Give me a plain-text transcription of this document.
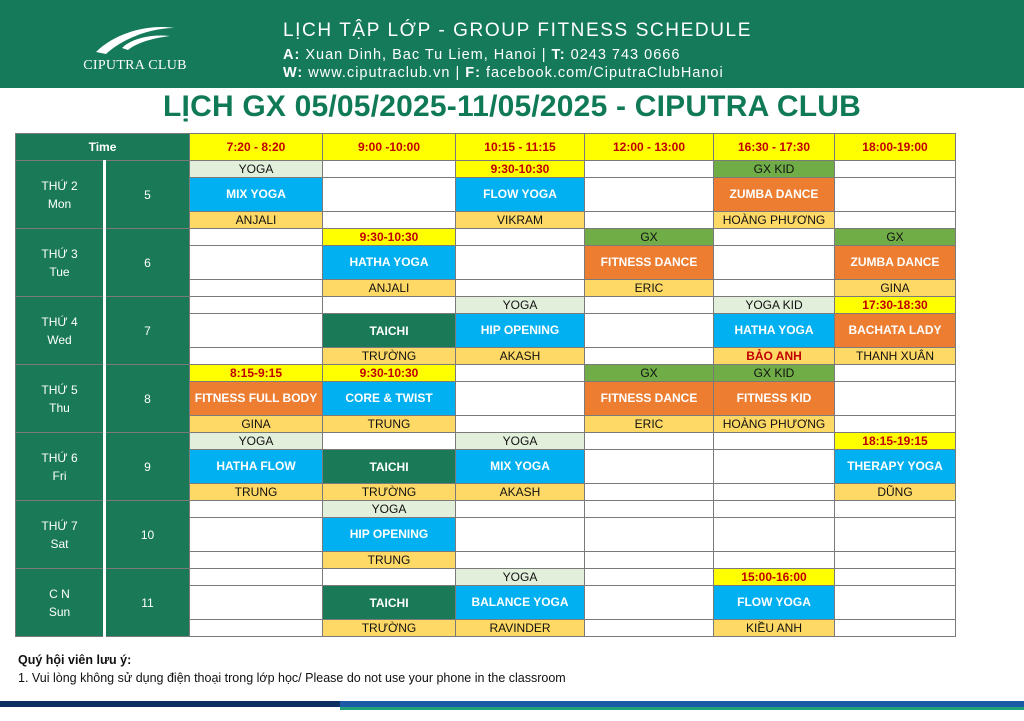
CIPUTRA CLUB
LỊCH TẬP LỚP - GROUP FITNESS SCHEDULE
A: Xuan Dinh, Bac Tu Liem, Hanoi | T: 0243 743 0666
W: www.ciputraclub.vn | F: facebook.com/CiputraClubHanoi
LỊCH GX 05/05/2025-11/05/2025 - CIPUTRA CLUB
Time		7:20 - 8:20	9:00 -10:00	10:15 - 11:15	12:00 - 13:00	16:30 - 17:30	18:00-19:00

THỨ 2
Mon	5	YOGA		9:30-10:30		GX KID	
		MIX YOGA		FLOW YOGA		ZUMBA DANCE	
		ANJALI		VIKRAM		HOÀNG PHƯƠNG	

THỨ 3
Tue	6		9:30-10:30		GX		GX
			HATHA YOGA		FITNESS DANCE		ZUMBA DANCE
			ANJALI		ERIC		GINA

THỨ 4
Wed	7			YOGA		YOGA KID	17:30-18:30
			TAICHI	HIP OPENING		HATHA YOGA	BACHATA LADY
			TRƯỜNG	AKASH		BẢO ANH	THANH XUÂN

THỨ 5
Thu	8	8:15-9:15	9:30-10:30		GX	GX KID	
		FITNESS FULL BODY	CORE & TWIST		FITNESS DANCE	FITNESS KID	
		GINA	TRUNG		ERIC	HOÀNG PHƯƠNG	

THỨ 6
Fri	9	YOGA		YOGA			18:15-19:15
		HATHA FLOW	TAICHI	MIX YOGA			THERAPY YOGA
		TRUNG	TRƯỜNG	AKASH			DŨNG

THỨ 7
Sat	10		YOGA				
			HIP OPENING				
			TRUNG				

C N
Sun	11			YOGA		15:00-16:00	
			TAICHI	BALANCE YOGA		FLOW YOGA	
			TRƯỜNG	RAVINDER		KIỀU ANH	
Quý hội viên lưu ý:
1. Vui lòng không sử dụng điện thoại trong lớp học/ Please do not use your phone in the classroom
